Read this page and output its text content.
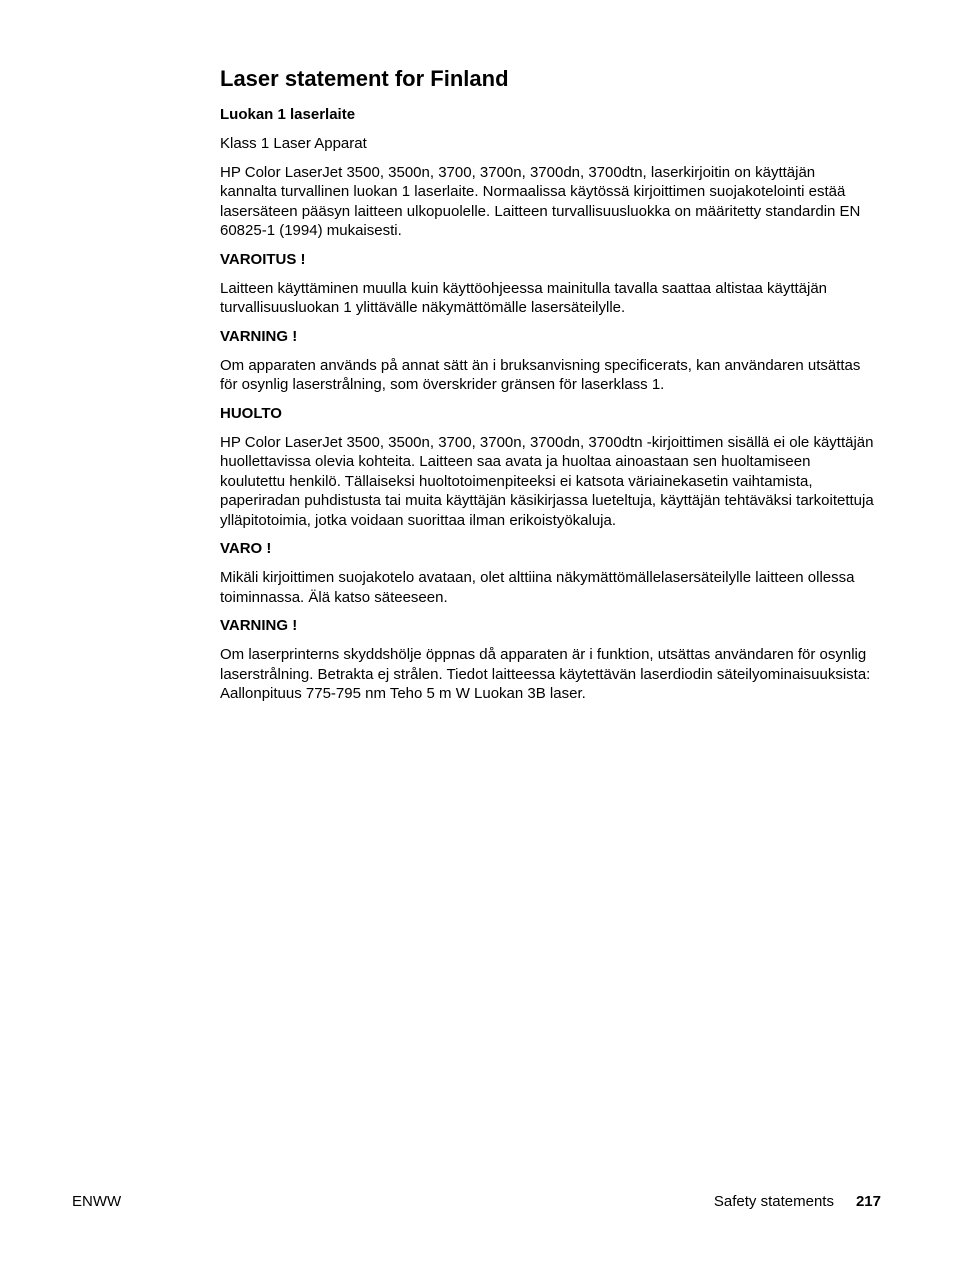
Laser statement for Finland
Luokan 1 laserlaite
Klass 1 Laser Apparat
HP Color LaserJet 3500, 3500n, 3700, 3700n, 3700dn, 3700dtn, laserkirjoitin on käyttäjän kannalta turvallinen luokan 1 laserlaite. Normaalissa käytössä kirjoittimen suojakotelointi estää lasersäteen pääsyn laitteen ulkopuolelle. Laitteen turvallisuusluokka on määritetty standardin EN 60825-1 (1994) mukaisesti.
VAROITUS !
Laitteen käyttäminen muulla kuin käyttöohjeessa mainitulla tavalla saattaa altistaa käyttäjän turvallisuusluokan 1 ylittävälle näkymättömälle lasersäteilylle.
VARNING !
Om apparaten används på annat sätt än i bruksanvisning specificerats, kan användaren utsättas för osynlig laserstrålning, som överskrider gränsen för laserklass 1.
HUOLTO
HP Color LaserJet 3500, 3500n, 3700, 3700n, 3700dn, 3700dtn -kirjoittimen sisällä ei ole käyttäjän huollettavissa olevia kohteita. Laitteen saa avata ja huoltaa ainoastaan sen huoltamiseen koulutettu henkilö. Tällaiseksi huoltotoimenpiteeksi ei katsota väriainekasetin vaihtamista, paperiradan puhdistusta tai muita käyttäjän käsikirjassa lueteltuja, käyttäjän tehtäväksi tarkoitettuja ylläpitotoimia, jotka voidaan suorittaa ilman erikoistyökaluja.
VARO !
Mikäli kirjoittimen suojakotelo avataan, olet alttiina näkymättömällelasersäteilylle laitteen ollessa toiminnassa. Älä katso säteeseen.
VARNING !
Om laserprinterns skyddshölje öppnas då apparaten är i funktion, utsättas användaren för osynlig laserstrålning. Betrakta ej strålen. Tiedot laitteessa käytettävän laserdiodin säteilyominaisuuksista: Aallonpituus 775-795 nm Teho 5 m W Luokan 3B laser.
ENWW	Safety statements 217
